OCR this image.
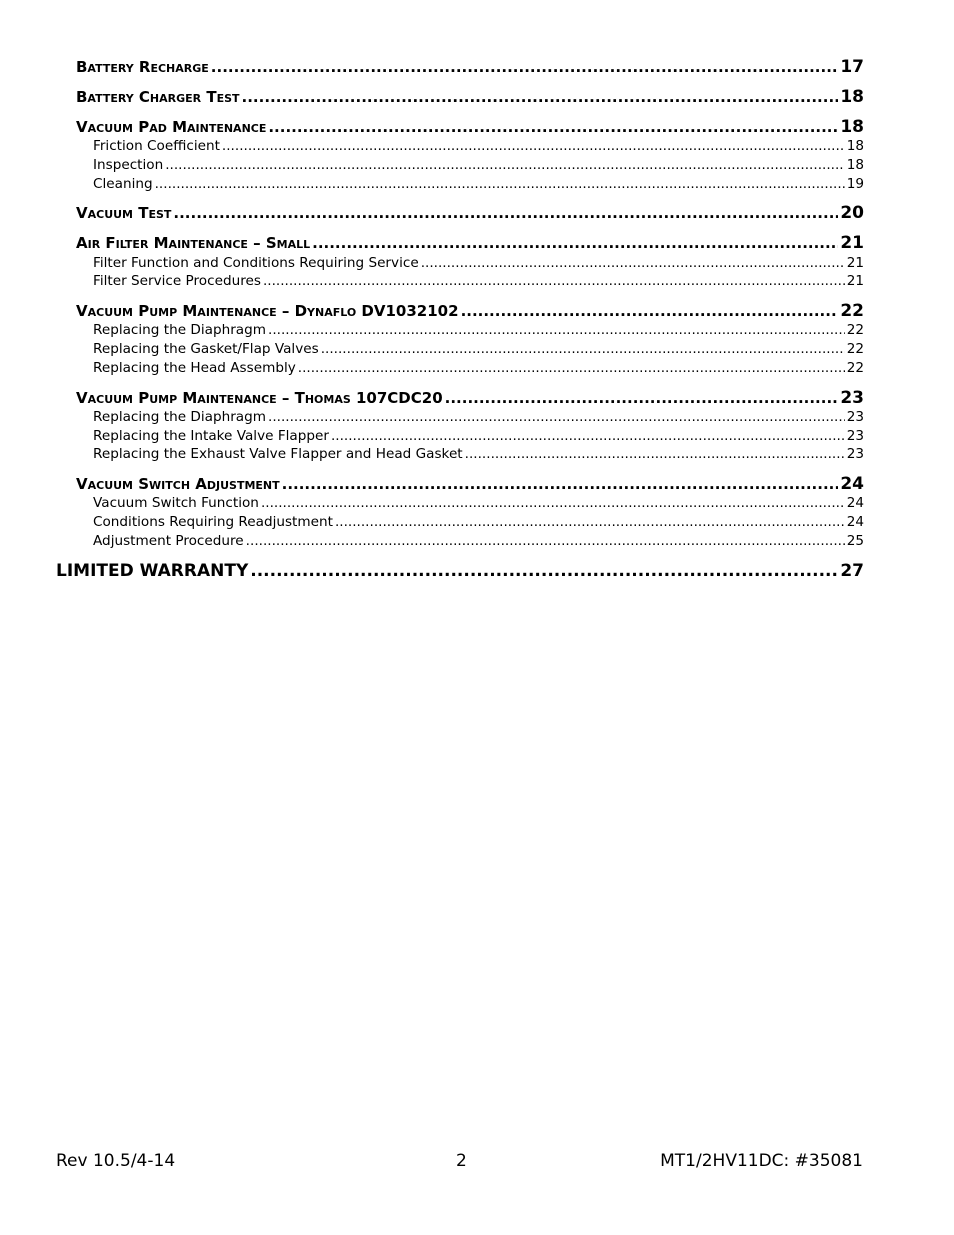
Battery Recharge .....	17
Battery Charger Test .....	18
Vacuum Pad Maintenance .....	18
Friction Coefficient .....	18
Inspection .....	18
Cleaning .....	19
Vacuum Test .....	20
Air Filter Maintenance – Small .....	21
Filter Function and Conditions Requiring Service .....	21
Filter Service Procedures .....	21
Vacuum Pump Maintenance – Dynaflo DV1032102 .....	22
Replacing the Diaphragm .....	22
Replacing the Gasket/Flap Valves .....	22
Replacing the Head Assembly .....	22
Vacuum Pump Maintenance – Thomas 107CDC20 .....	23
Replacing the Diaphragm .....	23
Replacing the Intake Valve Flapper .....	23
Replacing the Exhaust Valve Flapper and Head Gasket .....	23
Vacuum Switch Adjustment .....	24
Vacuum Switch Function .....	24
Conditions Requiring Readjustment .....	24
Adjustment Procedure .....	25
LIMITED WARRANTY .....	27
Rev 10.5/4-14	2	MT1/2HV11DC: #35081
